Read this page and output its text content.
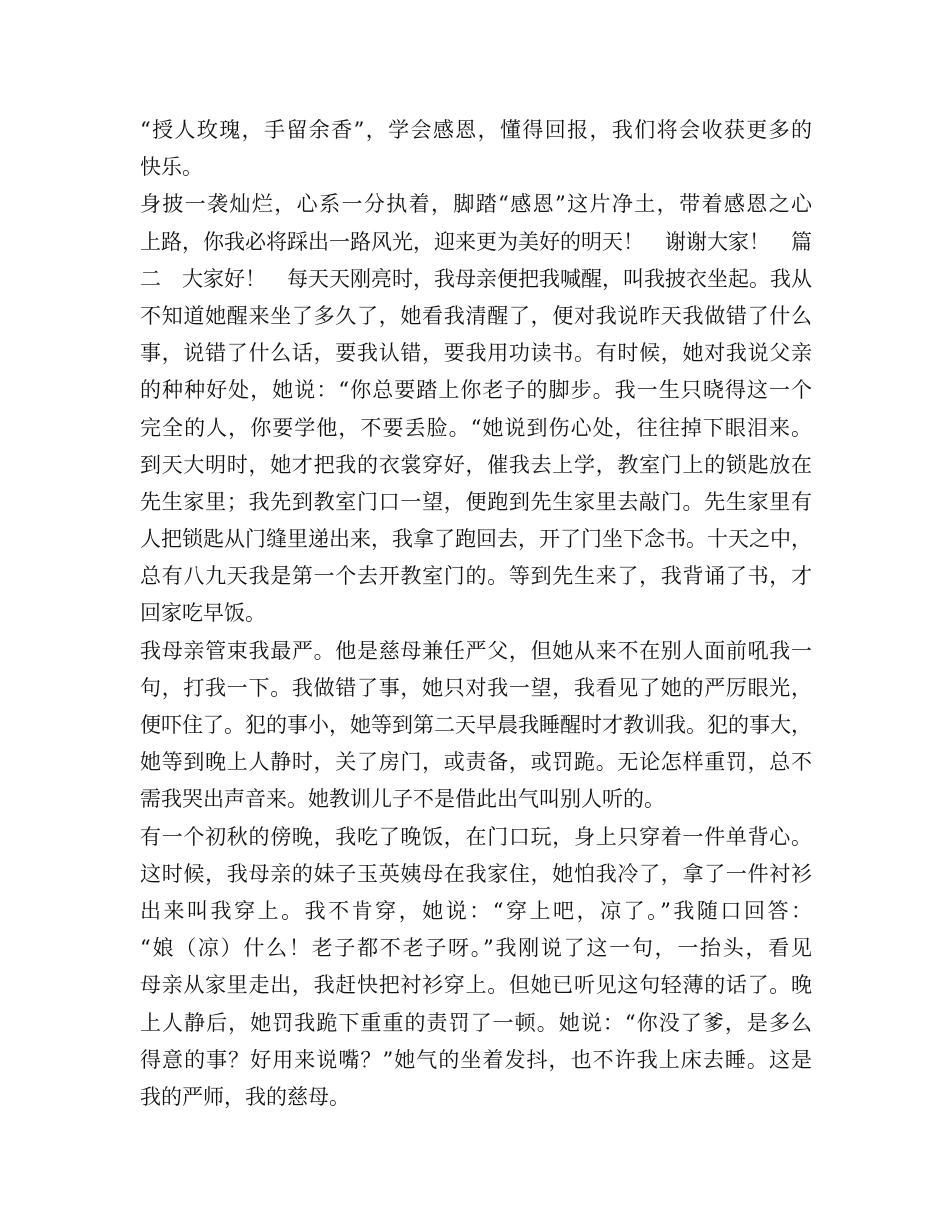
“授人玫瑰，手留余香”，学会感恩，懂得回报，我们将会收获更多的
快乐。
身披一袭灿烂，心系一分执着，脚踏“感恩”这片净土，带着感恩之心
上路，你我必将踩出一路风光，迎来更为美好的明天！　谢谢大家！　篇
二　大家好！　每天天刚亮时，我母亲便把我喊醒，叫我披衣坐起。我从
不知道她醒来坐了多久了，她看我清醒了，便对我说昨天我做错了什么
事，说错了什么话，要我认错，要我用功读书。有时候，她对我说父亲
的种种好处，她说：“你总要踏上你老子的脚步。我一生只晓得这一个
完全的人，你要学他，不要丢脸。“她说到伤心处，往往掉下眼泪来。
到天大明时，她才把我的衣裳穿好，催我去上学，教室门上的锁匙放在
先生家里；我先到教室门口一望，便跑到先生家里去敲门。先生家里有
人把锁匙从门缝里递出来，我拿了跑回去，开了门坐下念书。十天之中，
总有八九天我是第一个去开教室门的。等到先生来了，我背诵了书，才
回家吃早饭。
我母亲管束我最严。他是慈母兼任严父，但她从来不在别人面前吼我一
句，打我一下。我做错了事，她只对我一望，我看见了她的严厉眼光，
便吓住了。犯的事小，她等到第二天早晨我睡醒时才教训我。犯的事大，
她等到晚上人静时，关了房门，或责备，或罚跪。无论怎样重罚，总不
需我哭出声音来。她教训儿子不是借此出气叫别人听的。
有一个初秋的傍晚，我吃了晚饭，在门口玩，身上只穿着一件单背心。
这时候，我母亲的妹子玉英姨母在我家住，她怕我冷了，拿了一件衬衫
出来叫我穿上。我不肯穿，她说：“穿上吧，凉了。”我随口回答：
“娘（凉）什么！老子都不老子呀。”我刚说了这一句，一抬头，看见
母亲从家里走出，我赶快把衬衫穿上。但她已听见这句轻薄的话了。晚
上人静后，她罚我跪下重重的责罚了一顿。她说：“你没了爹，是多么
得意的事？好用来说嘴？”她气的坐着发抖，也不许我上床去睡。这是
我的严师，我的慈母。
